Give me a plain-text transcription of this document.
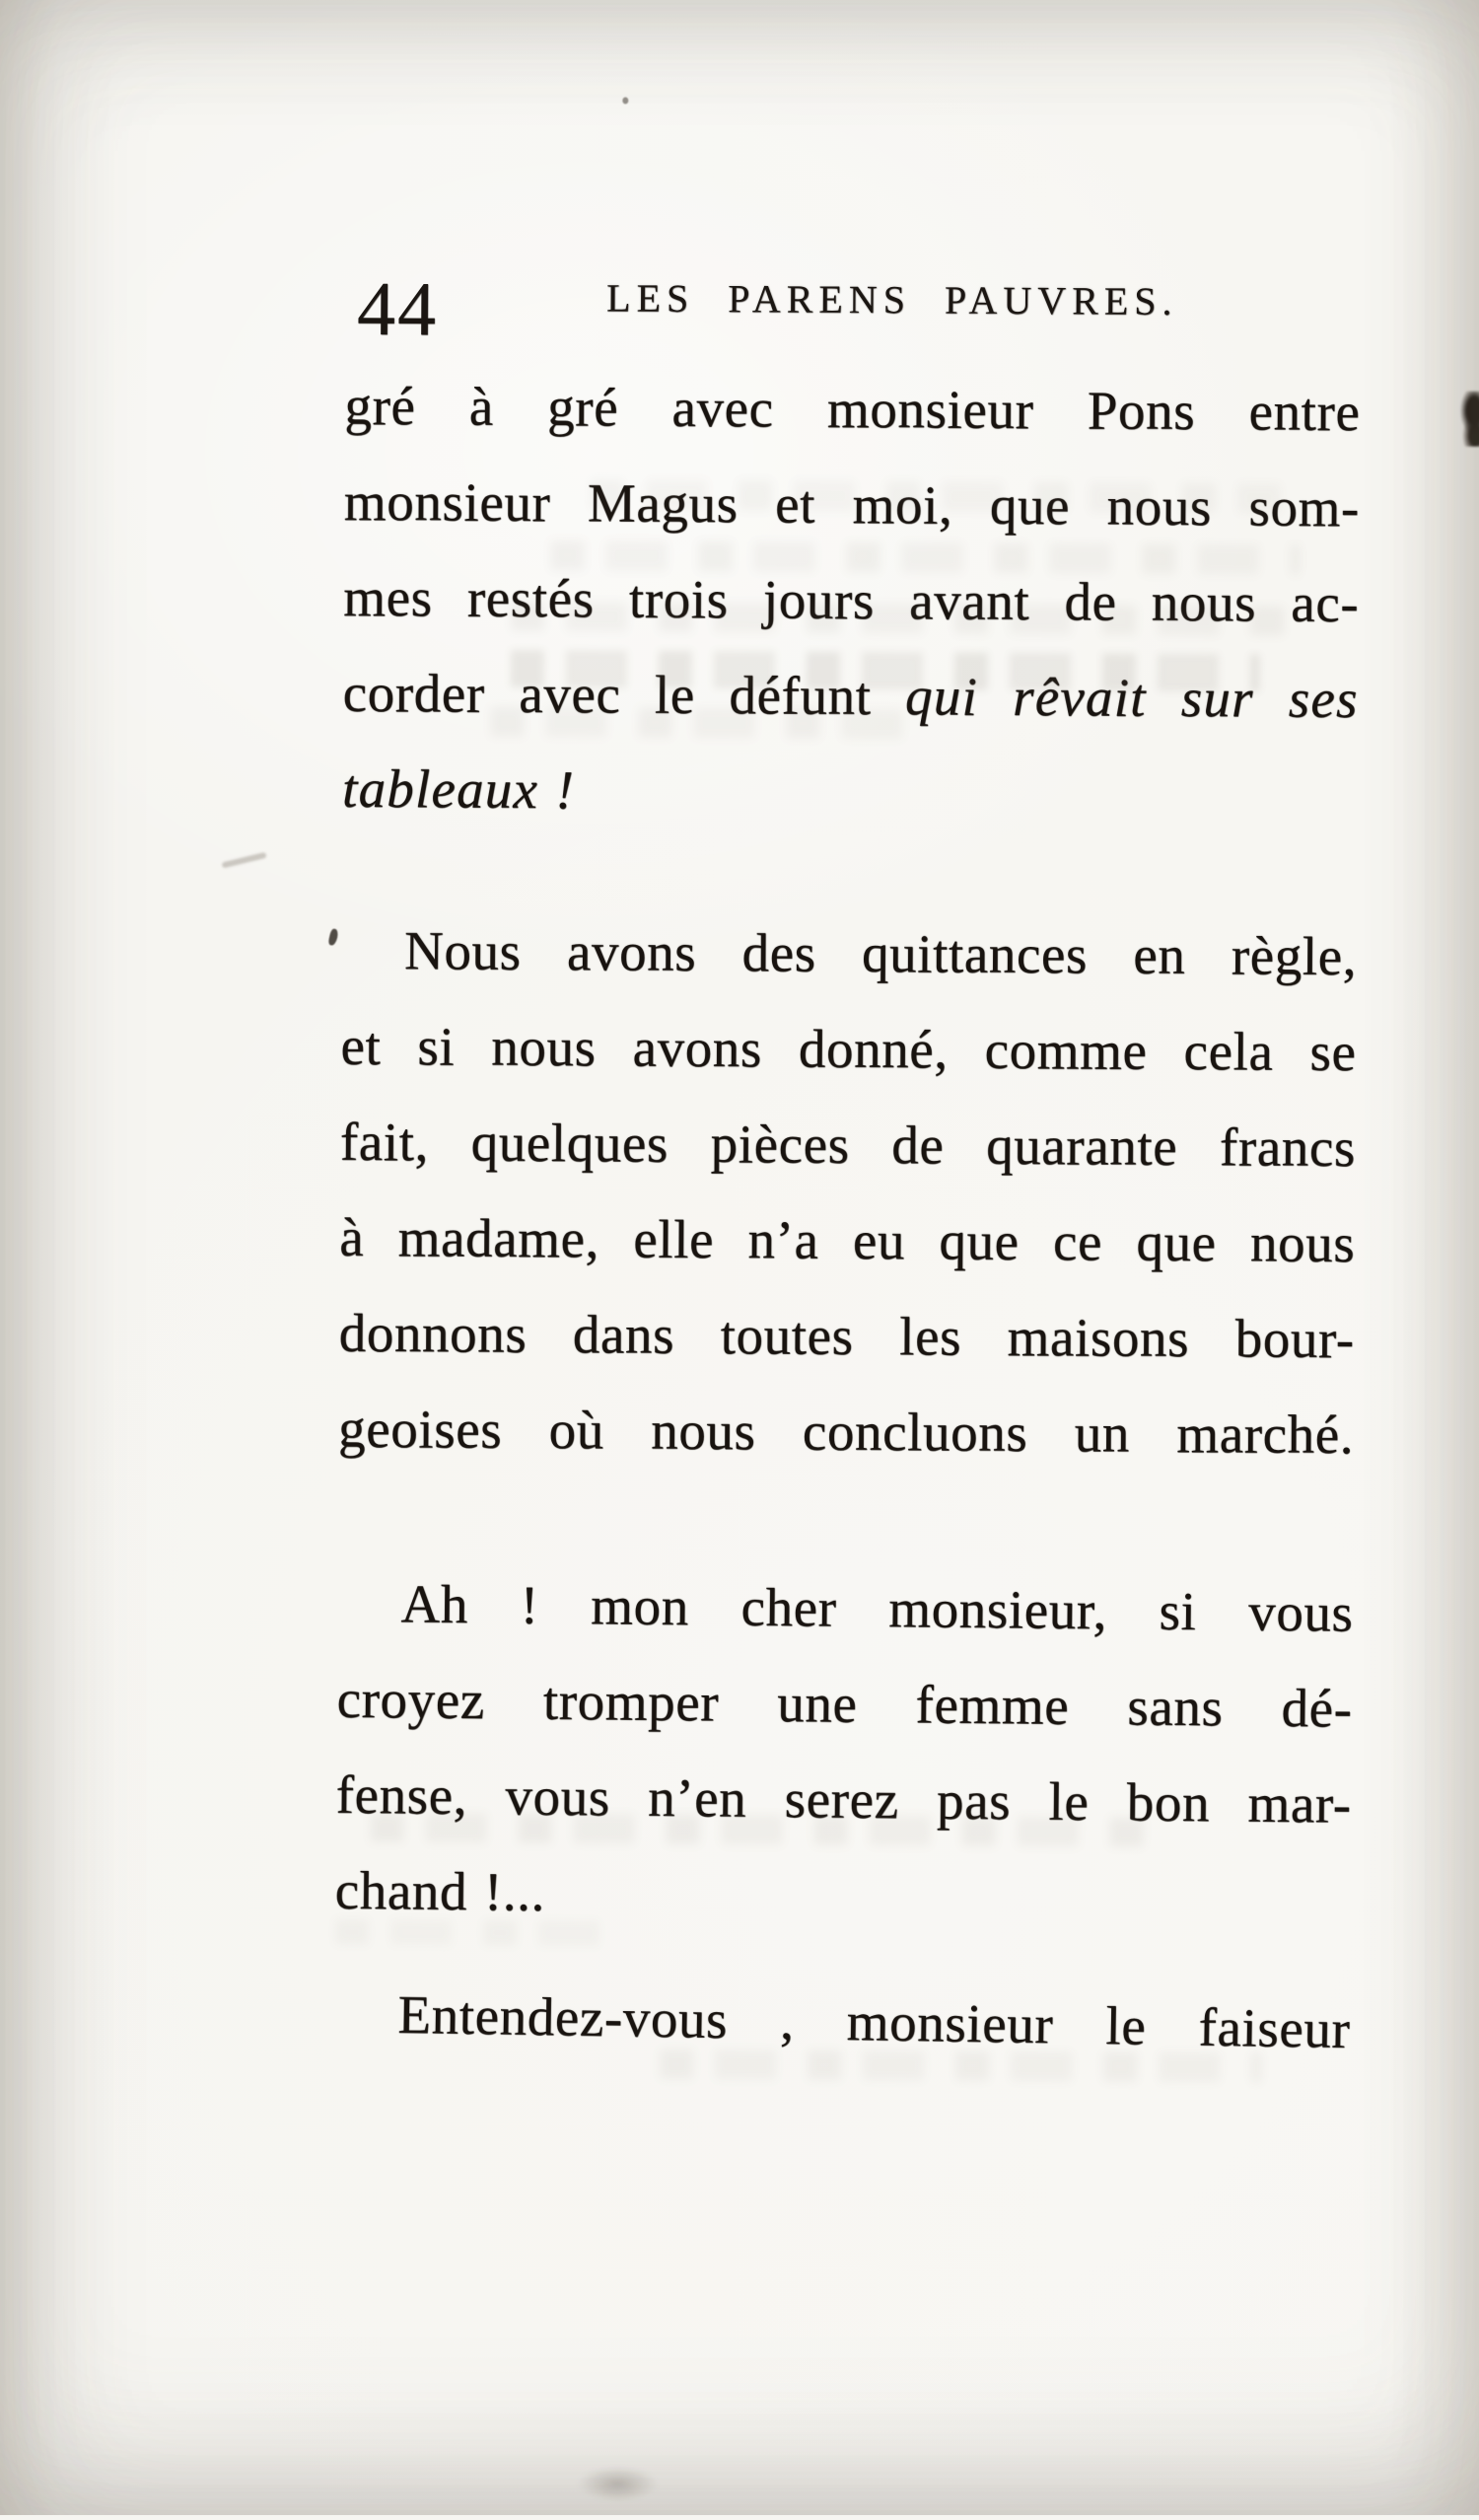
44	LES PARENS PAUVRES.
gré à gré avec monsieur Pons entre
monsieur Magus et moi, que nous som-
mes restés trois jours avant de nous ac-
corder avec le défunt qui rêvait sur ses
tableaux !
Nous avons des quittances en règle,
et si nous avons donné, comme cela se
fait, quelques pièces de quarante francs
à madame, elle n’a eu que ce que nous
donnons dans toutes les maisons bour-
geoises où nous concluons un marché.
Ah ! mon cher monsieur, si vous
croyez tromper une femme sans dé-
fense, vous n’en serez pas le bon mar-
chand !...
Entendez-vous , monsieur le faiseur
